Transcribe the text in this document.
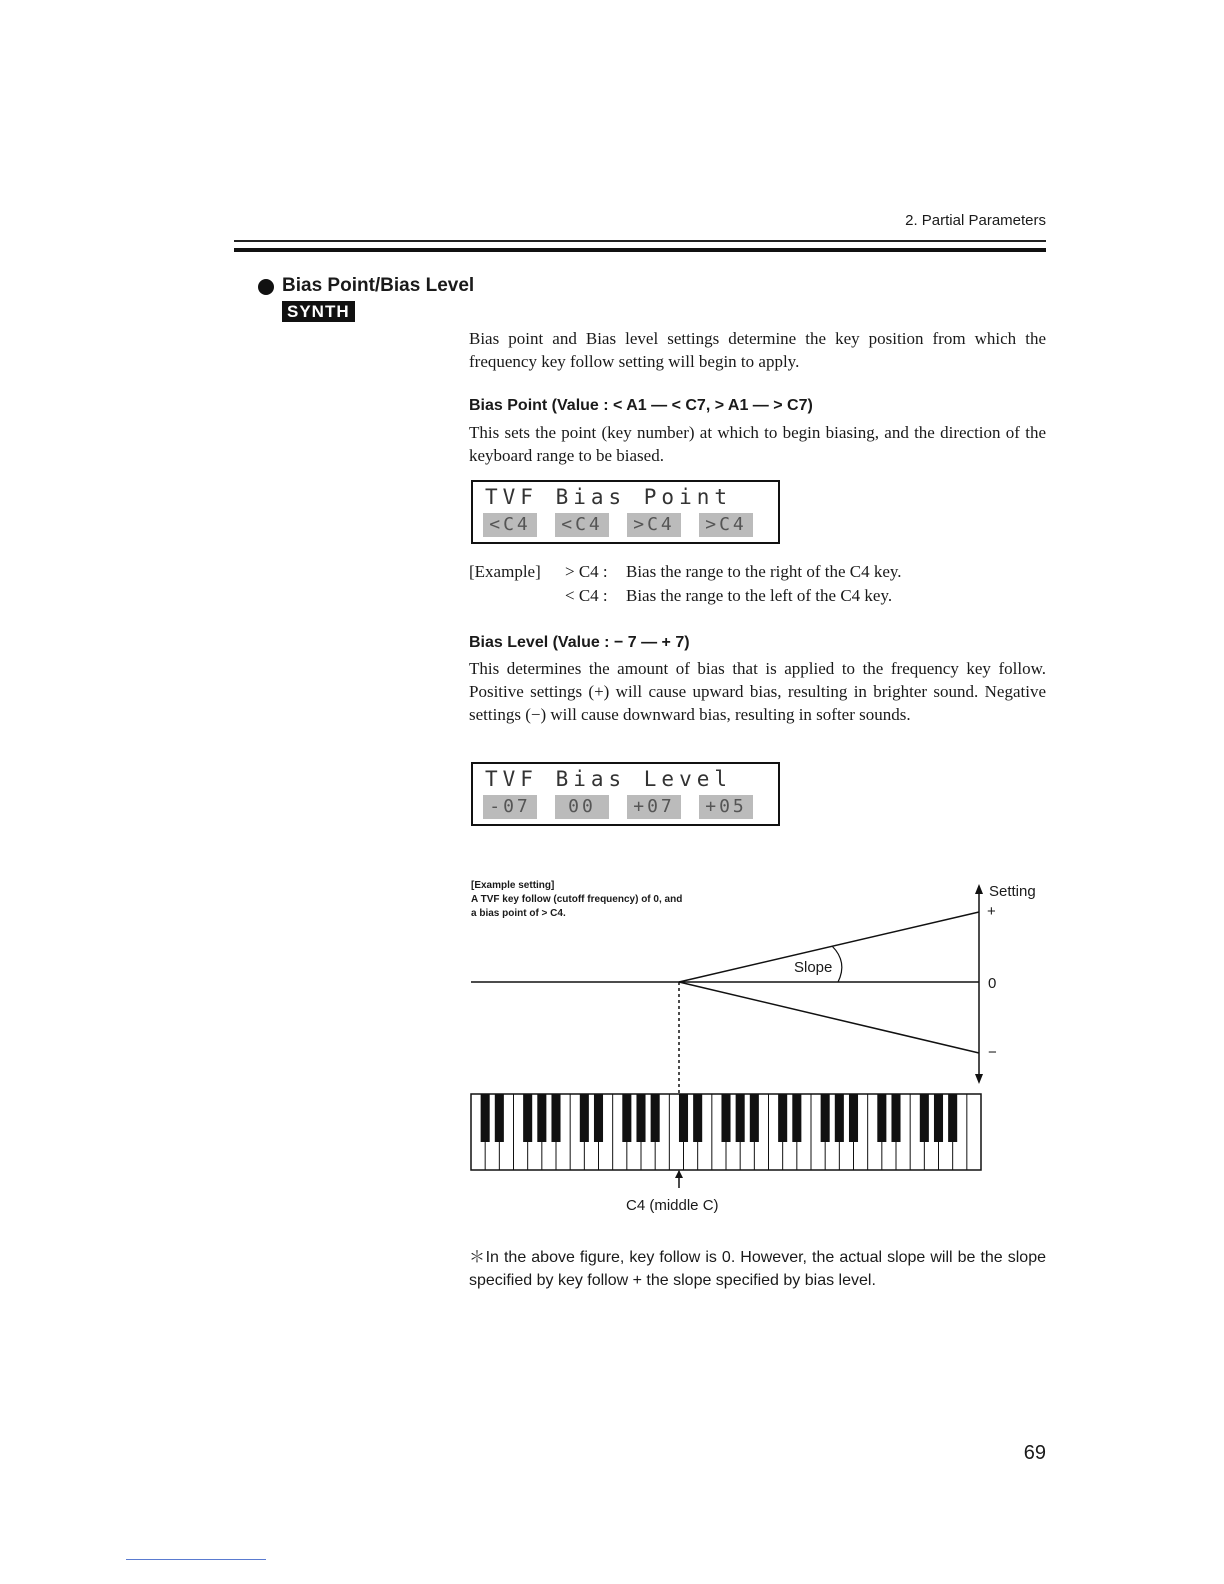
2. Partial Parameters
Bias Point/Bias Level
SYNTH
Bias point and Bias level settings determine the key position from which the frequency key follow setting will begin to apply.
Bias Point (Value : < A1 — < C7, > A1 — > C7)
This sets the point (key number) at which to begin biasing, and the direction of the keyboard range to be biased.
TVF Bias Point
<C4	<C4	>C4	>C4
[Example] > C4 : Bias the range to the right of the C4 key.
< C4 : Bias the range to the left of the C4 key.
Bias Level (Value : − 7 — + 7)
This determines the amount of bias that is applied to the frequency key follow. Positive settings (+) will cause upward bias, resulting in brighter sound. Negative settings (−) will cause downward bias, resulting in softer sounds.
TVF Bias Level
-07	00	+07	+05
[Example setting]
A TVF key follow (cutoff frequency) of 0, and
a bias point of > C4.
Slope
Setting
+
0
−
C4 (middle C)
＊In the above figure, key follow is 0. However, the actual slope will be the slope specified by key follow + the slope specified by bias level.
69
